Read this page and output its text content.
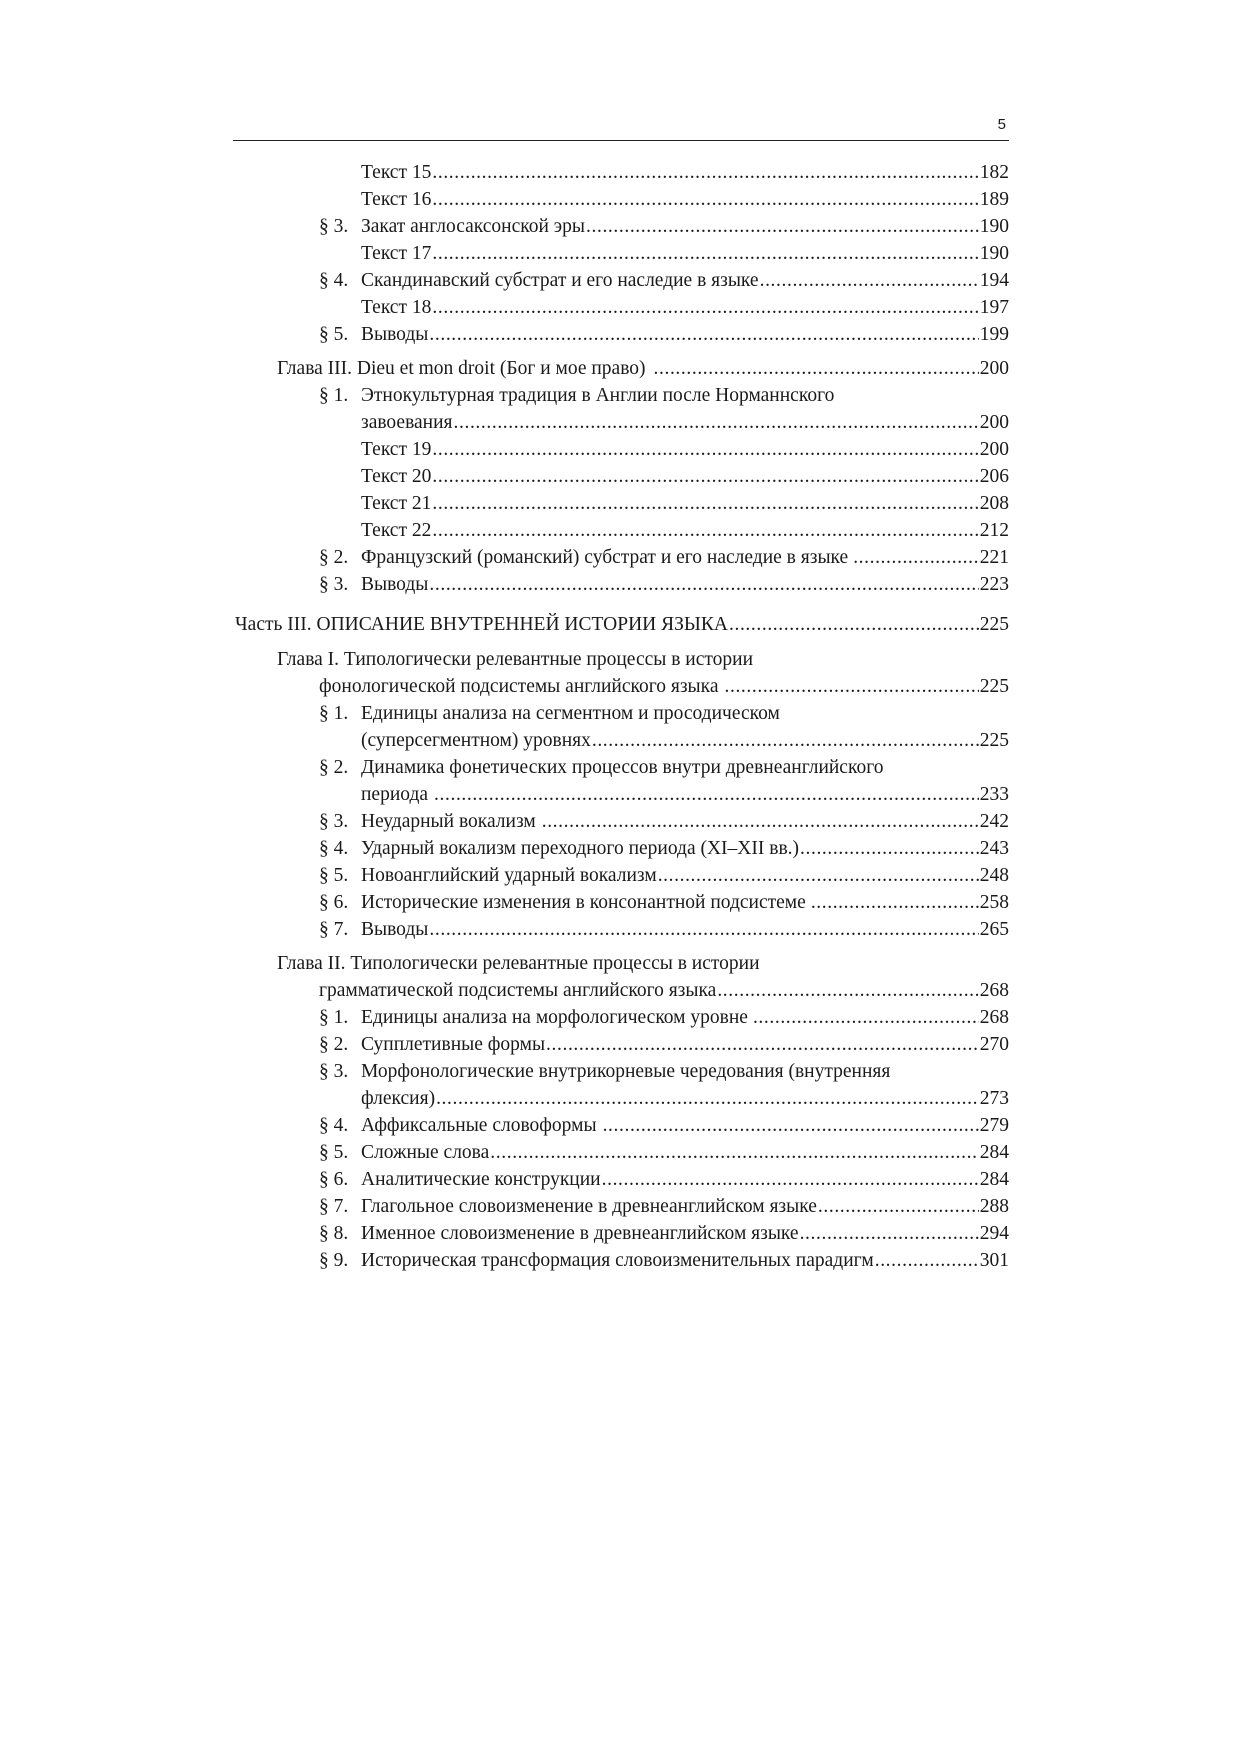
5
Текст 15 .....	182
Текст 16 .....	189
§ 3. Закат англосаксонской эры .....	190
Текст 17 .....	190
§ 4. Скандинавский субстрат и его наследие в языке .....	194
Текст 18 .....	197
§ 5. Выводы .....	199
Глава III. Dieu et mon droit (Бог и мое право) .....	200
§ 1. Этнокультурная традиция в Англии после Норманнского
завоевания .....	200
Текст 19 .....	200
Текст 20 .....	206
Текст 21 .....	208
Текст 22 .....	212
§ 2. Французский (романский) субстрат и его наследие в языке .....	221
§ 3. Выводы .....	223
Часть III. ОПИСАНИЕ ВНУТРЕННЕЙ ИСТОРИИ ЯЗЫКА .....	225
Глава I. Типологически релевантные процессы в истории
фонологической подсистемы английского языка .....	225
§ 1. Единицы анализа на сегментном и просодическом
(суперсегментном) уровнях .....	225
§ 2. Динамика фонетических процессов внутри древнеанглийского
периода .....	233
§ 3. Неударный вокализм .....	242
§ 4. Ударный вокализм переходного периода (XI–XII вв.) .....	243
§ 5. Новоанглийский ударный вокализм .....	248
§ 6. Исторические изменения в консонантной подсистеме .....	258
§ 7. Выводы .....	265
Глава II. Типологически релевантные процессы в истории
грамматической подсистемы английского языка .....	268
§ 1. Единицы анализа на морфологическом уровне .....	268
§ 2. Супплетивные формы .....	270
§ 3. Морфонологические внутрикорневые чередования (внутренняя
флексия) .....	273
§ 4. Аффиксальные словоформы .....	279
§ 5. Сложные слова .....	284
§ 6. Аналитические конструкции .....	284
§ 7. Глагольное словоизменение в древнеанглийском языке .....	288
§ 8. Именное словоизменение в древнеанглийском языке .....	294
§ 9. Историческая трансформация словоизменительных парадигм .....	301
